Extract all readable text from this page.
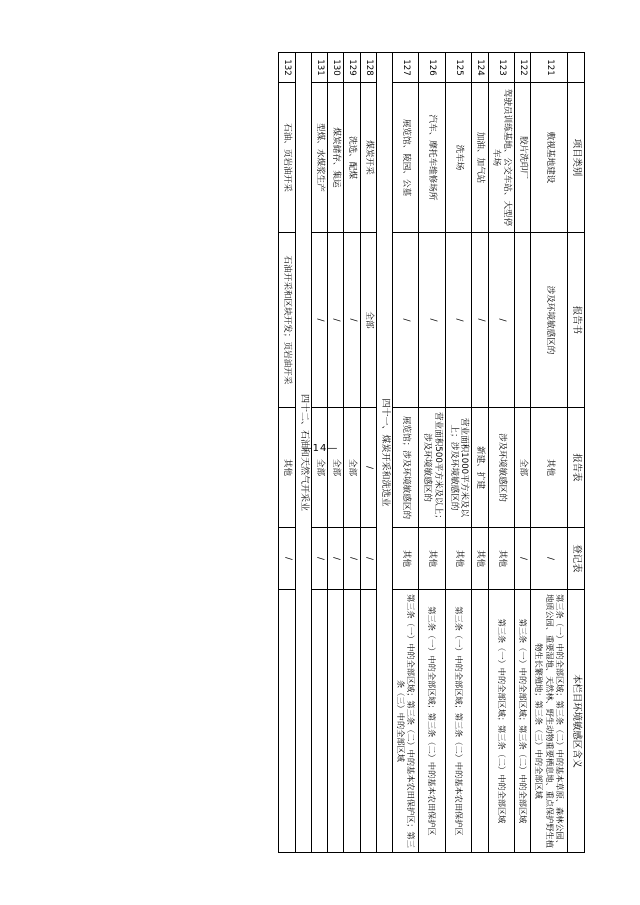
	项目类别	报告书	报告表	登记表	本栏目环境敏感区含义
121	敷视基地建设	涉及环境敏感区的	其他	/	第三条（一）中的全部区域；第三条（二）中的基本草原、森林公园、地质公园、重要湿地、天然林、野生动物重要栖息地、重点保护野生植物生长繁殖地；第三条（三）中的全部区域
122	胶片洗印厂		全部	/	第三条（一）中的全部区域；第三条（二）中的全部区域
123	驾驶员训练基地、公交车站、大型停车场	/	涉及环境敏感区的	其他	第三条（一）中的全部区域；第三条（二）中的全部区域
124	加油、加气站	/	新建、扩建	其他	
125	洗车场	/	营业面积1000平方米及以上；涉及环境敏感区的	其他	第三条（一）中的全部区域；第三条（二）中的基本农田保护区
126	汽车、摩托车维修场所	/	营业面积500平方米及以上；涉及环境敏感区的	其他	第三条（一）中的全部区域；第三条（二）中的基本农田保护区
127	展览馆、陵园、公墓	/	展览馆；涉及环境敏感区的	其他	第三条（一）中的全部区域；第三条（二）中的基本农田保护区；第三条（三）中的全部区域
四十一、煤炭开采和洗选业					
128	煤炭开采	全部	/	/	
129	洗选、配煤	/	全部	/	
130	煤炭储存、集运	/	全部	/	
131	型煤、水煤浆生产	/	全部	/	
四十二、石油和天然气开采业					
132	石油、页岩油开采	石油开采和区块开发；页岩油开采	其他	/	
—14—
